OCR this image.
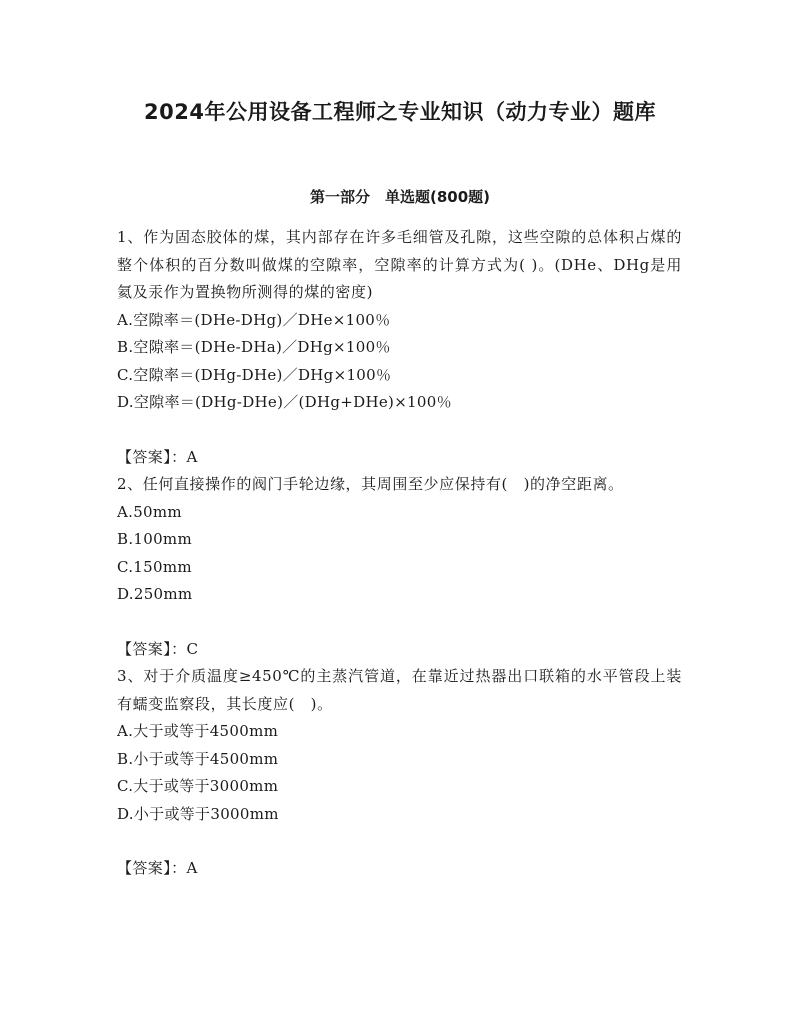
2024年公用设备工程师之专业知识（动力专业）题库
第一部分　单选题(800题)

1、作为固态胶体的煤，其内部存在许多毛细管及孔隙，这些空隙的总体积占煤的整个体积的百分数叫做煤的空隙率，空隙率的计算方式为( )。(DHe、DHg是用氦及汞作为置换物所测得的煤的密度)

A.空隙率＝(DHe-DHg)／DHe×100％

B.空隙率＝(DHe-DHa)／DHg×100％

C.空隙率＝(DHg-DHe)／DHg×100％

D.空隙率＝(DHg-DHe)／(DHg+DHe)×100％

【答案】：A

2、任何直接操作的阀门手轮边缘，其周围至少应保持有(　)的净空距离。

A.50mm

B.100mm

C.150mm

D.250mm

【答案】：C

3、对于介质温度≥450℃的主蒸汽管道，在靠近过热器出口联箱的水平管段上装有蠕变监察段，其长度应(　)。

A.大于或等于4500mm

B.小于或等于4500mm

C.大于或等于3000mm

D.小于或等于3000mm

【答案】：A
